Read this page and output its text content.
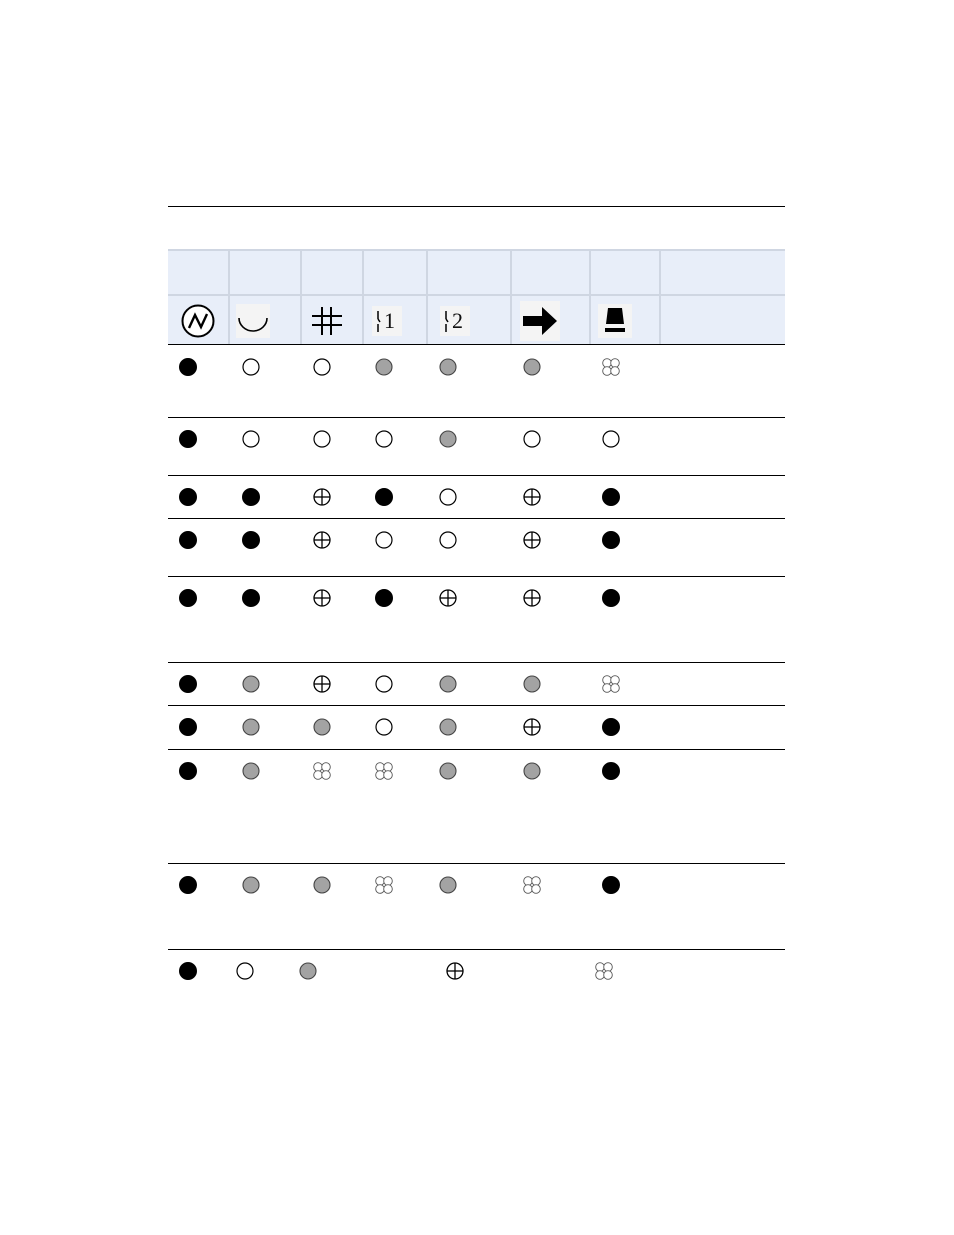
1	2
